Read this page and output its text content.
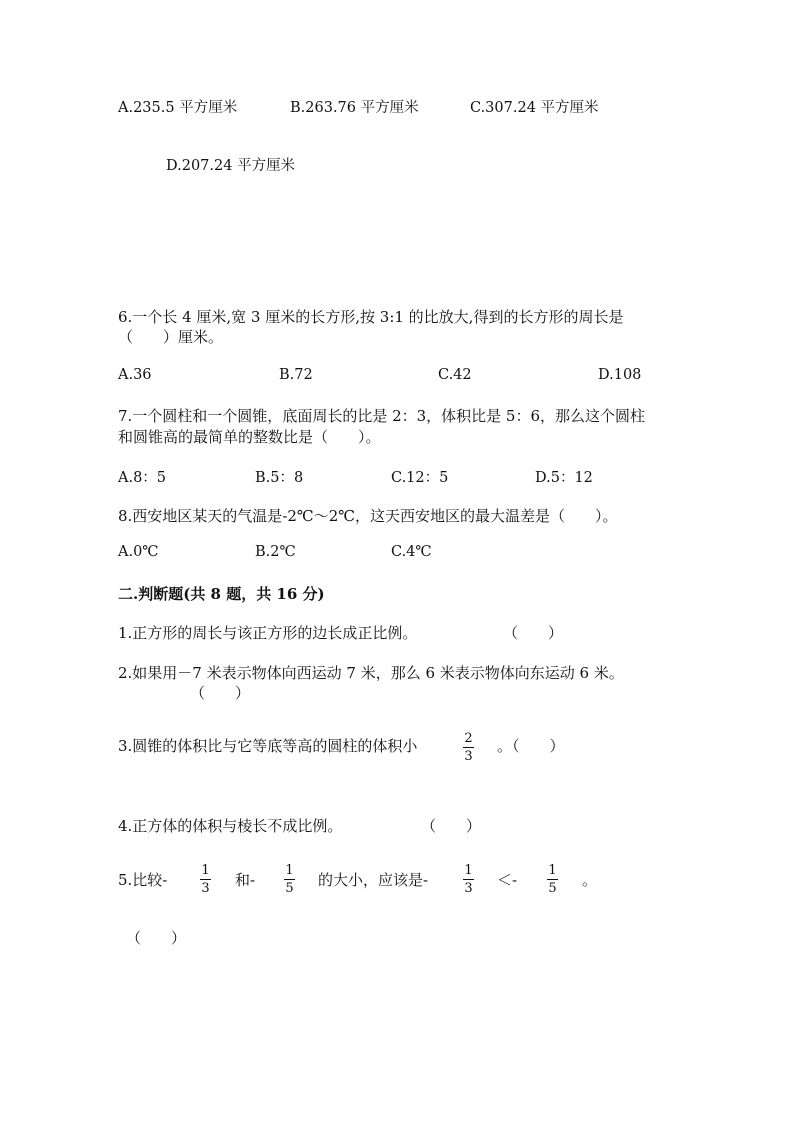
A.235.5 平方厘米	B.263.76 平方厘米	C.307.24 平方厘米
D.207.24 平方厘米
6.一个长 4 厘米,宽 3 厘米的长方形,按 3:1 的比放大,得到的长方形的周长是
（　　）厘米。
A.36	B.72	C.42	D.108
7.一个圆柱和一个圆锥，底面周长的比是 2：3，体积比是 5：6，那么这个圆柱
和圆锥高的最简单的整数比是（　　）。
A.8：5	B.5：8	C.12：5	D.5：12
8.西安地区某天的气温是-2℃～2℃，这天西安地区的最大温差是（　　）。
A.0℃	B.2℃	C.4℃
二.判断题(共 8 题，共 16 分)
1.正方形的周长与该正方形的边长成正比例。	（　　）
2.如果用－7 米表示物体向西运动 7 米，那么 6 米表示物体向东运动 6 米。
（　　）
3.圆锥的体积比与它等底等高的圆柱的体积小	2
3
。（　　）
4.正方体的体积与棱长不成比例。	（　　）
5.比较-
1
3 和-
1
5 的大小，应该是-
1
3 ＜-
1
5 。
（　　）
